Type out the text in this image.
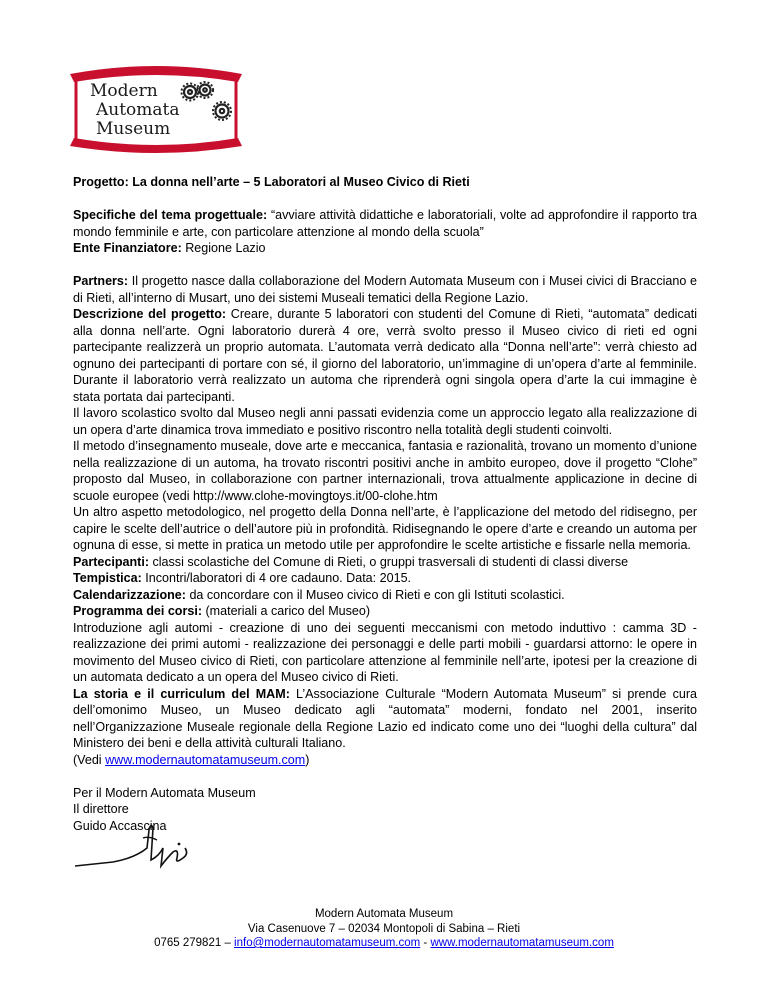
Modern
Automata
Museum

Progetto: La donna nell’arte – 5 Laboratori al Museo Civico di Rieti

Specifiche del tema progettuale: “avviare attività didattiche e laboratoriali, volte ad approfondire il rapporto tra mondo femminile e arte, con particolare attenzione al mondo della scuola”

Ente Finanziatore: Regione Lazio

Partners: Il progetto nasce dalla collaborazione del Modern Automata Museum con i Musei civici di Bracciano e di Rieti, all’interno di Musart, uno dei sistemi Museali tematici della Regione Lazio.

Descrizione del progetto: Creare, durante 5 laboratori con studenti del Comune di Rieti, “automata” dedicati alla donna nell’arte. Ogni laboratorio durerà 4 ore, verrà svolto presso il Museo civico di rieti ed ogni partecipante realizzerà un proprio automata. L’automata verrà dedicato alla “Donna nell’arte”: verrà chiesto ad ognuno dei partecipanti di portare con sé, il giorno del laboratorio, un’immagine di un’opera d’arte al femminile. Durante il laboratorio verrà realizzato un automa che riprenderà ogni singola opera d’arte la cui immagine è stata portata dai partecipanti.

Il lavoro scolastico svolto dal Museo negli anni passati evidenzia come un approccio legato alla realizzazione di un opera d’arte dinamica trova immediato e positivo riscontro nella totalità degli studenti coinvolti.

Il metodo d’insegnamento museale, dove arte e meccanica, fantasia e razionalità, trovano un momento d’unione nella realizzazione di un automa, ha trovato riscontri positivi anche in ambito europeo, dove il progetto “Clohe” proposto dal Museo, in collaborazione con partner internazionali, trova attualmente applicazione in decine di scuole europee (vedi http://www.clohe-movingtoys.it/00-clohe.htm

Un altro aspetto metodologico, nel progetto della Donna nell’arte, è l’applicazione del metodo del ridisegno, per capire le scelte dell’autrice o dell’autore più in profondità. Ridisegnando le opere d’arte e creando un automa per ognuna di esse, si mette in pratica un metodo utile per approfondire le scelte artistiche e fissarle nella memoria.

Partecipanti: classi scolastiche del Comune di Rieti, o gruppi trasversali di studenti di classi diverse

Tempistica: Incontri/laboratori di 4 ore cadauno. Data: 2015.

Calendarizzazione: da concordare con il Museo civico di Rieti e con gli Istituti scolastici.

Programma dei corsi: (materiali a carico del Museo)

Introduzione agli automi - creazione di uno dei seguenti meccanismi con metodo induttivo : camma 3D - realizzazione dei primi automi - realizzazione dei personaggi e delle parti mobili - guardarsi attorno: le opere in movimento del Museo civico di Rieti, con particolare attenzione al femminile nell’arte, ipotesi per la creazione di un automata dedicato a un opera del Museo civico di Rieti.

La storia e il curriculum del MAM: L’Associazione Culturale “Modern Automata Museum” si prende cura dell’omonimo Museo, un Museo dedicato agli “automata” moderni, fondato nel 2001, inserito nell’Organizzazione Museale regionale della Regione Lazio ed indicato come uno dei “luoghi della cultura” dal Ministero dei beni e della attività culturali Italiano.

(Vedi www.modernautomatamuseum.com)

Per il Modern Automata Museum

Il direttore

Guido Accascina

Modern Automata Museum
Via Casenuove 7 – 02034 Montopoli di Sabina – Rieti
0765 279821 – info@modernautomatamuseum.com - www.modernautomatamuseum.com
